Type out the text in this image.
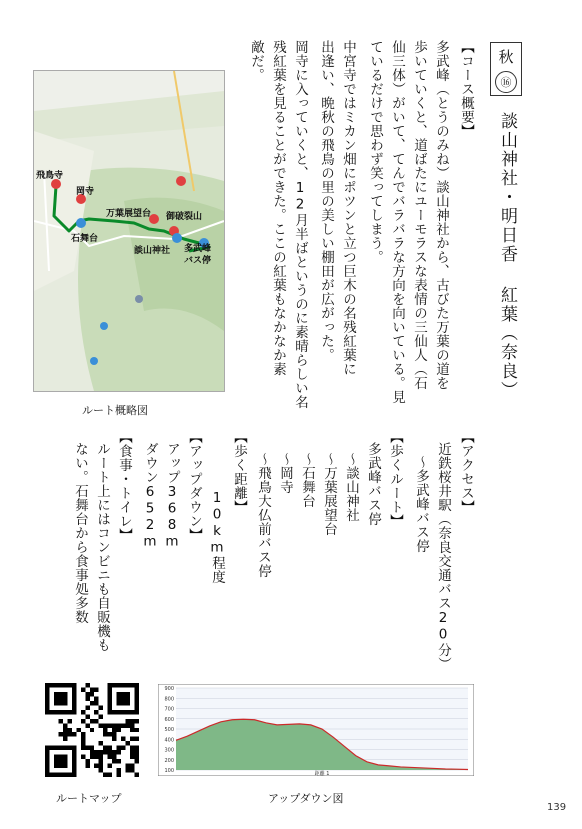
秋
⑯
談山神社・明日香 紅葉（奈良）
【コース概要】
多武峰（とうのみね）談山神社から、古びた万葉の道を
歩いていくと、道ばたにユーモラスな表情の三仙人（石
仙三体）がいて、てんでバラバラな方向を向いている。見
ているだけで思わず笑ってしまう。
中宮寺ではミカン畑にポツンと立つ巨木の名残紅葉に
出逢い、晩秋の飛鳥の里の美しい棚田が広がった。
岡寺に入っていくと、12月半ばというのに素晴らしい名
残紅葉を見ることができた。ここの紅葉もなかなか素
敵だ。
【アクセス】
近鉄桜井駅（奈良交通バス20分）
～多武峰バス停
【歩くルート】
多武峰バス停
～談山神社
～万葉展望台
～石舞台
～岡寺
～飛鳥大仏前バス停
【歩く距離】
10km程度
【アップダウン】
アップ368m
ダウン652m
【食事・トイレ】
ルート上にはコンビニも自販機も
ない。石舞台から食事処多数
飛鳥寺
岡寺
万葉展望台 御破裂山
石舞台
談山神社 多武峰
バス停
ルート概略図
ルートマップ
900
800
700
600
500
400
300
200
100	距離 1
アップダウン図
139
